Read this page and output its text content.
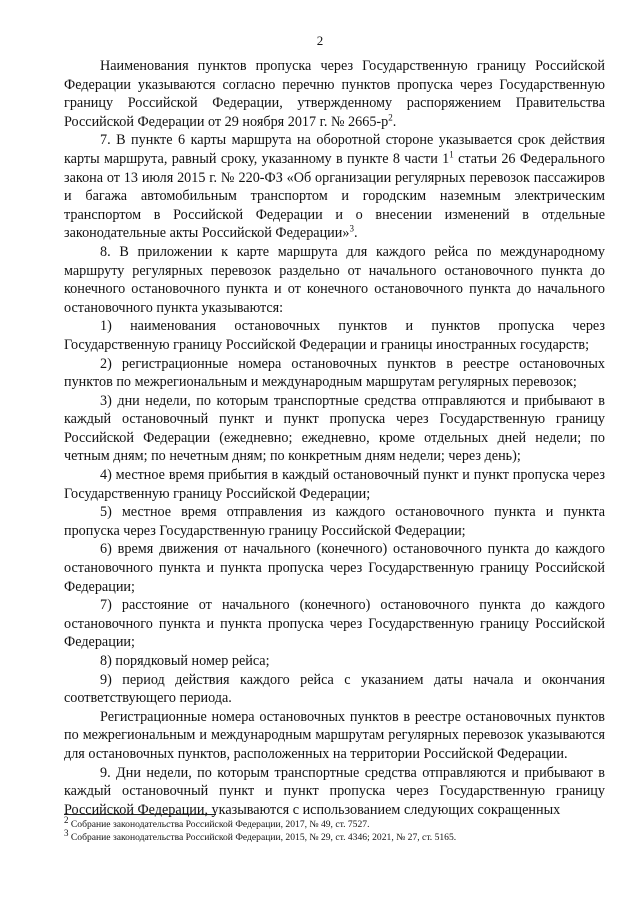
2

Наименования пунктов пропуска через Государственную границу Российской Федерации указываются согласно перечню пунктов пропуска через Государственную границу Российской Федерации, утвержденному распоряжением Правительства Российской Федерации от 29 ноября 2017 г. № $2665-р^2$.

7. В пункте 6 карты маршрута на оборотной стороне указывается срок действия карты маршрута, равный сроку, указанному в пункте 8 части $1^1$ статьи 26 Федерального закона от 13 июля 2015 г. № 220-ФЗ «Об организации регулярных перевозок пассажиров и багажа автомобильным транспортом и городским наземным электрическим транспортом в Российской Федерации и о внесении изменений в отдельные законодательные акты Российской Федерации»$^3$.

8. В приложении к карте маршрута для каждого рейса по международному маршруту регулярных перевозок раздельно от начального остановочного пункта до конечного остановочного пункта и от конечного остановочного пункта до начального остановочного пункта указываются:

1) наименования остановочных пунктов и пунктов пропуска через Государственную границу Российской Федерации и границы иностранных государств;

2) регистрационные номера остановочных пунктов в реестре остановочных пунктов по межрегиональным и международным маршрутам регулярных перевозок;

3) дни недели, по которым транспортные средства отправляются и прибывают в каждый остановочный пункт и пункт пропуска через Государственную границу Российской Федерации (ежедневно; ежедневно, кроме отдельных дней недели; по четным дням; по нечетным дням; по конкретным дням недели; через день);

4) местное время прибытия в каждый остановочный пункт и пункт пропуска через Государственную границу Российской Федерации;

5) местное время отправления из каждого остановочного пункта и пункта пропуска через Государственную границу Российской Федерации;

6) время движения от начального (конечного) остановочного пункта до каждого остановочного пункта и пункта пропуска через Государственную границу Российской Федерации;

7) расстояние от начального (конечного) остановочного пункта до каждого остановочного пункта и пункта пропуска через Государственную границу Российской Федерации;

8) порядковый номер рейса;

9) период действия каждого рейса с указанием даты начала и окончания соответствующего периода.

Регистрационные номера остановочных пунктов в реестре остановочных пунктов по межрегиональным и международным маршрутам регулярных перевозок указываются для остановочных пунктов, расположенных на территории Российской Федерации.

9. Дни недели, по которым транспортные средства отправляются и прибывают в каждый остановочный пункт и пункт пропуска через Государственную границу Российской Федерации, указываются с использованием следующих сокращенных

$^2$ Собрание законодательства Российской Федерации, 2017, № 49, ст. 7527.
$^3$ Собрание законодательства Российской Федерации, 2015, № 29, ст. 4346; 2021, № 27, ст. 5165.
